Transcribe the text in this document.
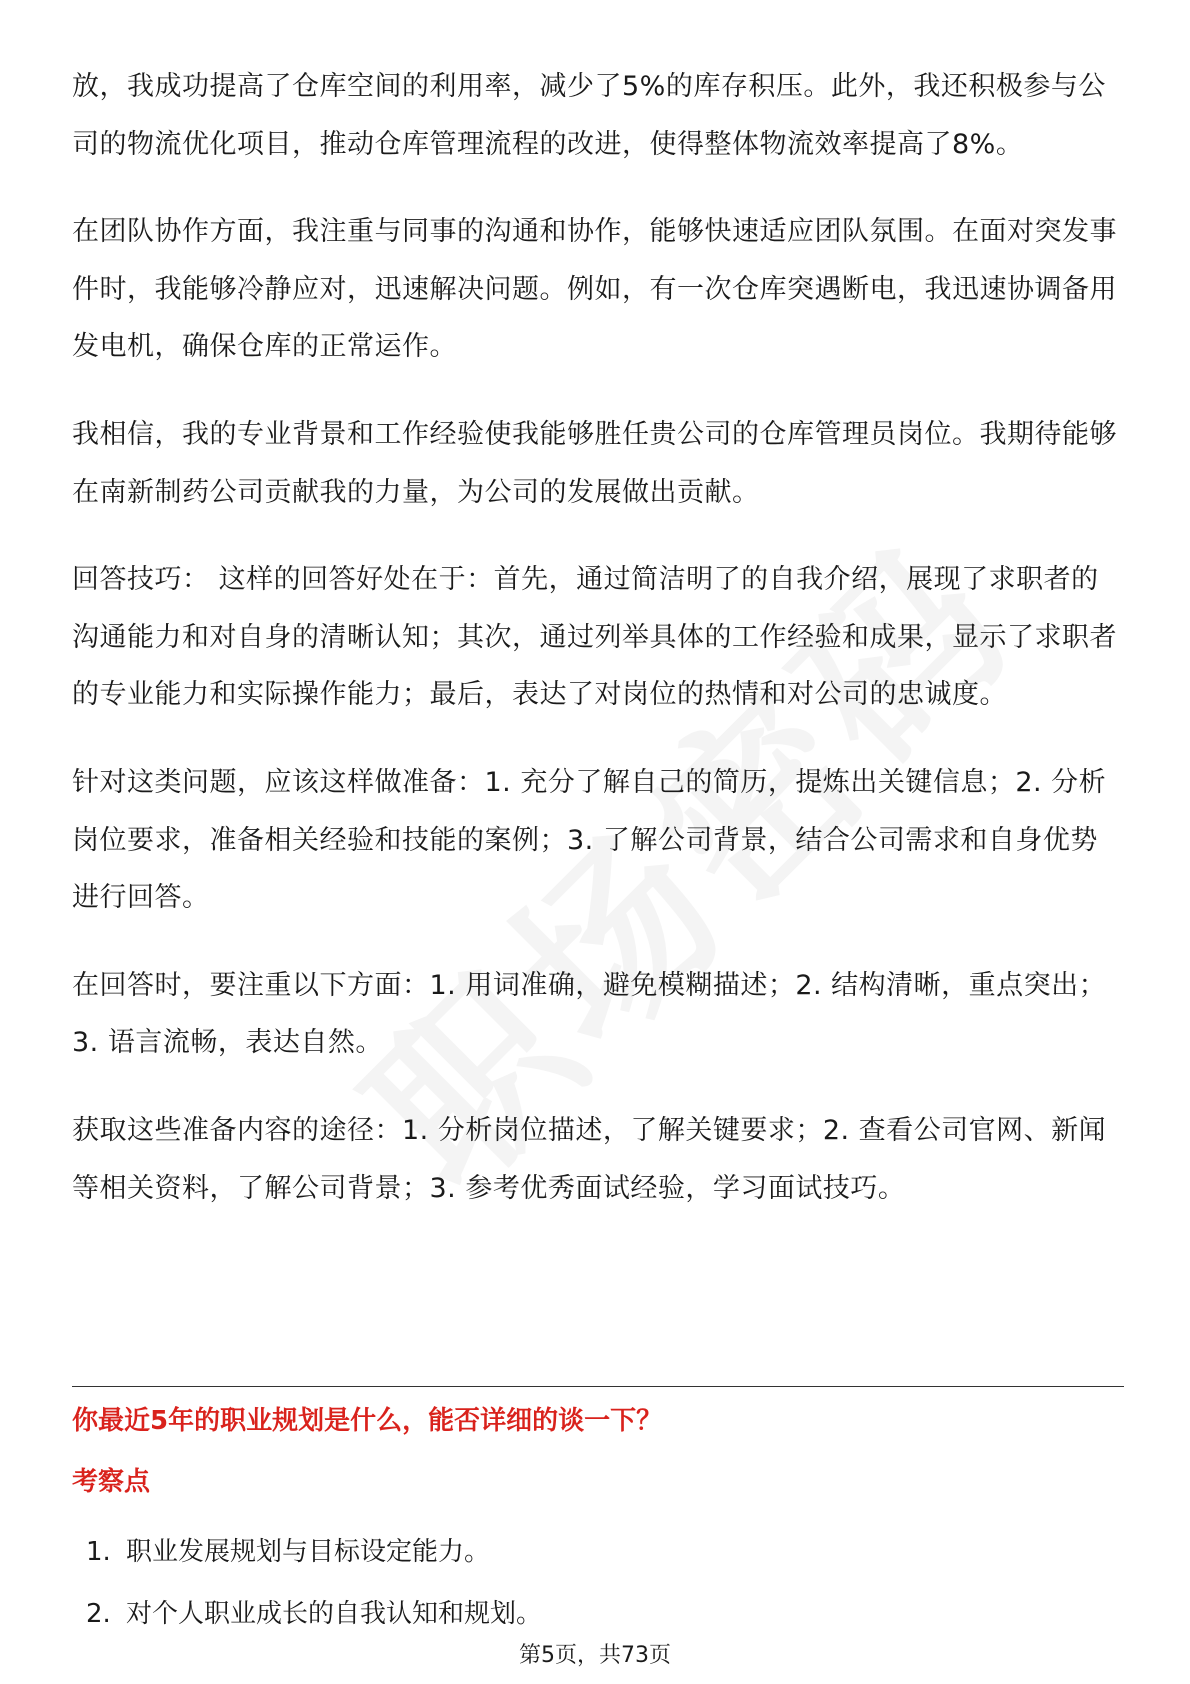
放，我成功提高了仓库空间的利用率，减少了5%的库存积压。此外，我还积极参与公司的物流优化项目，推动仓库管理流程的改进，使得整体物流效率提高了8%。

在团队协作方面，我注重与同事的沟通和协作，能够快速适应团队氛围。在面对突发事件时，我能够冷静应对，迅速解决问题。例如，有一次仓库突遇断电，我迅速协调备用发电机，确保仓库的正常运作。

我相信，我的专业背景和工作经验使我能够胜任贵公司的仓库管理员岗位。我期待能够在南新制药公司贡献我的力量，为公司的发展做出贡献。

回答技巧： 这样的回答好处在于：首先，通过简洁明了的自我介绍，展现了求职者的沟通能力和对自身的清晰认知；其次，通过列举具体的工作经验和成果，显示了求职者的专业能力和实际操作能力；最后，表达了对岗位的热情和对公司的忠诚度。

针对这类问题，应该这样做准备：1. 充分了解自己的简历，提炼出关键信息；2. 分析岗位要求，准备相关经验和技能的案例；3. 了解公司背景，结合公司需求和自身优势进行回答。

在回答时，要注重以下方面：1. 用词准确，避免模糊描述；2. 结构清晰，重点突出；3. 语言流畅，表达自然。

获取这些准备内容的途径：1. 分析岗位描述，了解关键要求；2. 查看公司官网、新闻等相关资料，了解公司背景；3. 参考优秀面试经验，学习面试技巧。

你最近5年的职业规划是什么，能否详细的谈一下？
考察点
1. 职业发展规划与目标设定能力。
2. 对个人职业成长的自我认知和规划。
第5页，共73页
